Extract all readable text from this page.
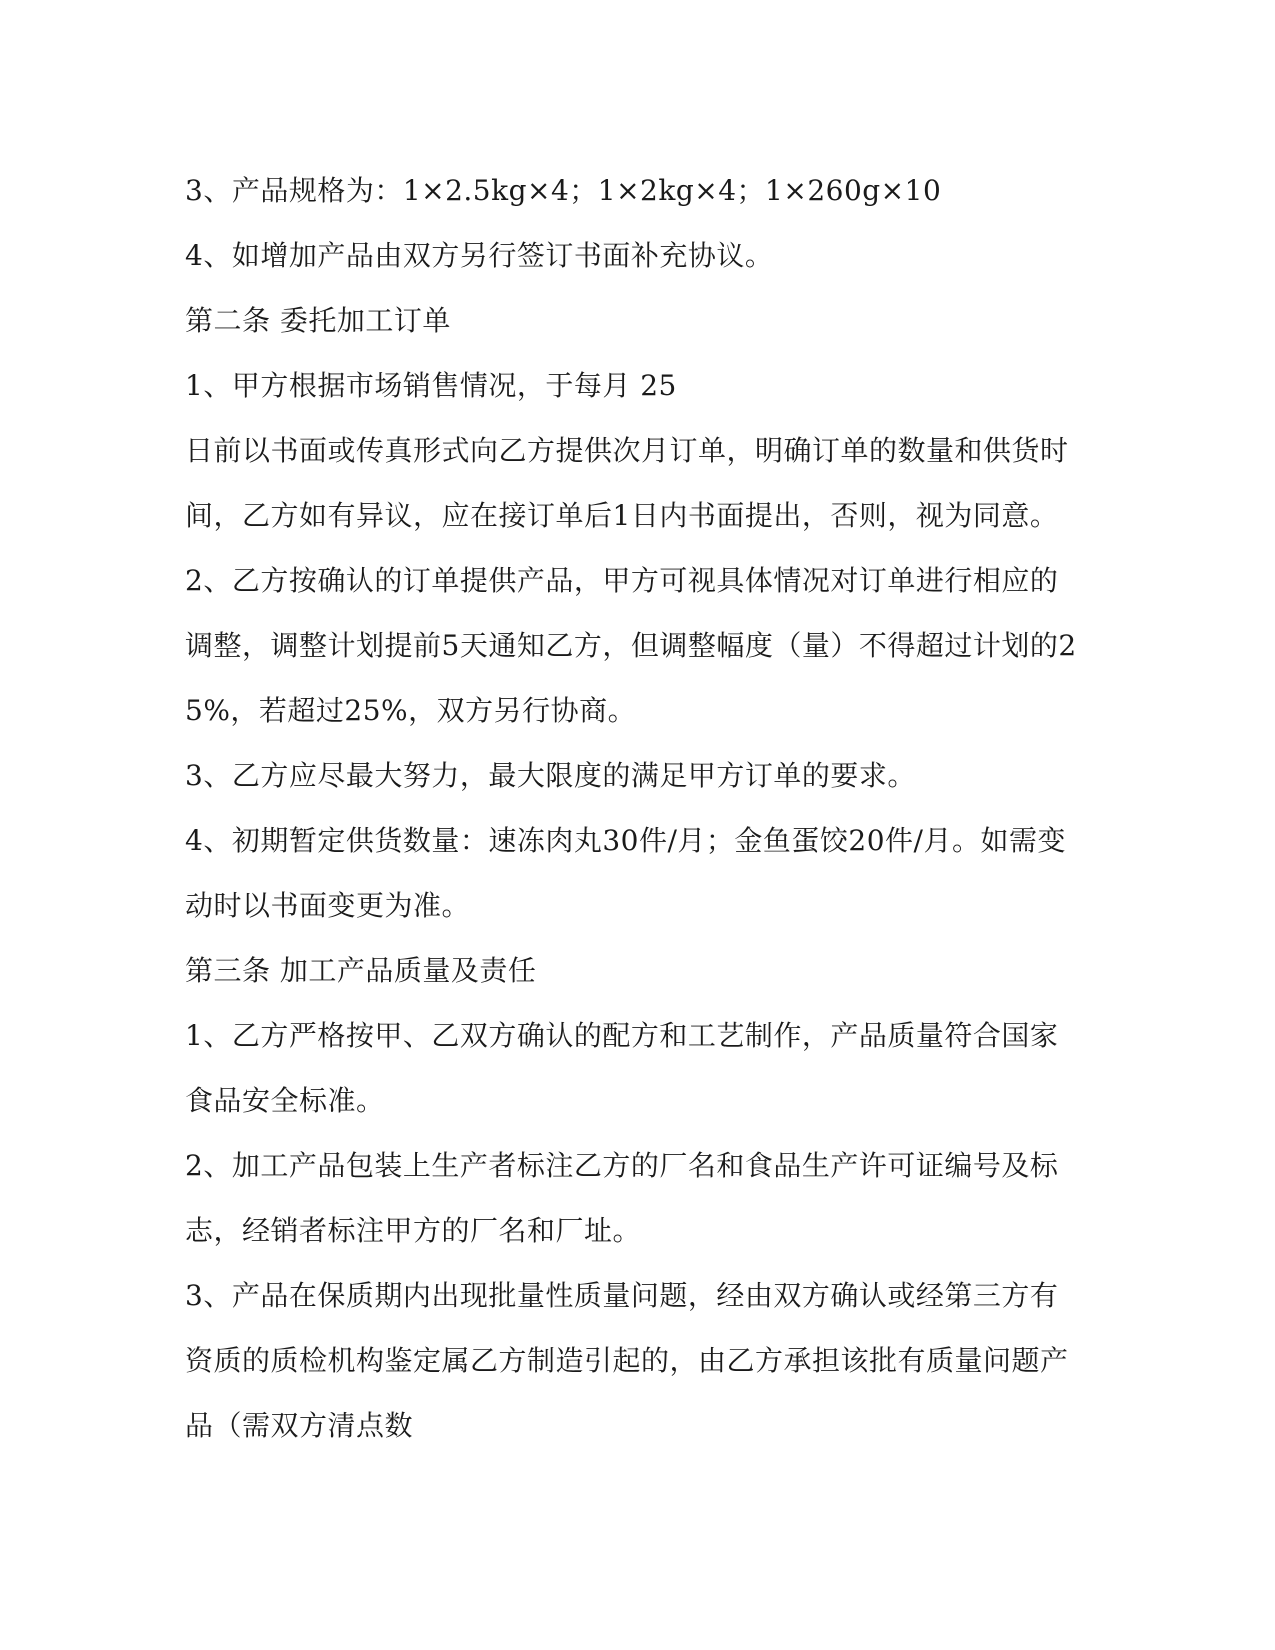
3、产品规格为：1×2.5kg×4；1×2kg×4；1×260g×10
4、如增加产品由双方另行签订书面补充协议。
第二条 委托加工订单
1、甲方根据市场销售情况，于每月 25
日前以书面或传真形式向乙方提供次月订单，明确订单的数量和供货时
间，乙方如有异议，应在接订单后1日内书面提出，否则，视为同意。
2、乙方按确认的订单提供产品，甲方可视具体情况对订单进行相应的
调整，调整计划提前5天通知乙方，但调整幅度（量）不得超过计划的2
5%，若超过25%，双方另行协商。
3、乙方应尽最大努力，最大限度的满足甲方订单的要求。
4、初期暂定供货数量：速冻肉丸30件/月；金鱼蛋饺20件/月。如需变
动时以书面变更为准。
第三条 加工产品质量及责任
1、乙方严格按甲、乙双方确认的配方和工艺制作，产品质量符合国家
食品安全标准。
2、加工产品包装上生产者标注乙方的厂名和食品生产许可证编号及标
志，经销者标注甲方的厂名和厂址。
3、产品在保质期内出现批量性质量问题，经由双方确认或经第三方有
资质的质检机构鉴定属乙方制造引起的，由乙方承担该批有质量问题产
品（需双方清点数
